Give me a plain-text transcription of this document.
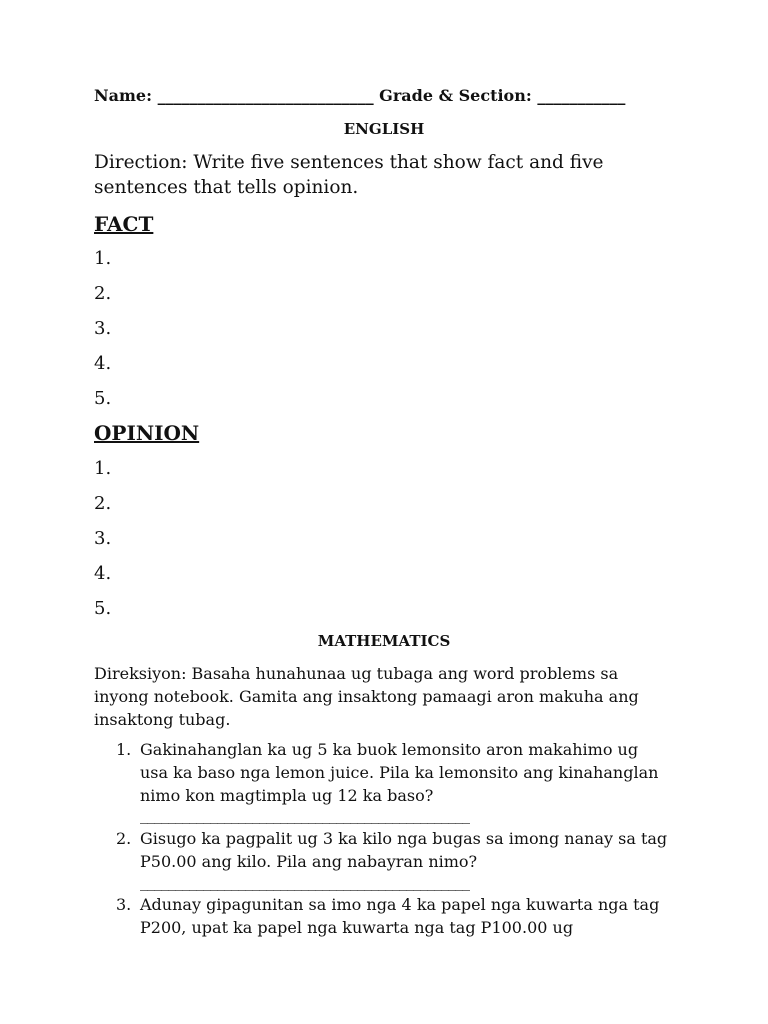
Name: ___________________________ Grade & Section: ___________
ENGLISH
Direction: Write five sentences that show fact and five sentences that tells opinion.
FACT
1.
2.
3.
4.
5.
OPINION
1.
2.
3.
4.
5.
MATHEMATICS
Direksiyon: Basaha hunahunaa ug tubaga ang word problems sa inyong notebook. Gamita ang insaktong pamaagi aron makuha ang insaktong tubag.
1. Gakinahanglan ka ug 5 ka buok lemonsito aron makahimo ug usa ka baso nga lemon juice. Pila ka lemonsito ang kinahanglan nimo kon magtimpla ug 12 ka baso?
_______________________________________________
2. Gisugo ka pagpalit ug 3 ka kilo nga bugas sa imong nanay sa tag P50.00 ang kilo. Pila ang nabayran nimo?
_______________________________________________
3. Adunay gipagunitan sa imo nga 4 ka papel nga kuwarta nga tag P200, upat ka papel nga kuwarta nga tag P100.00 ug
